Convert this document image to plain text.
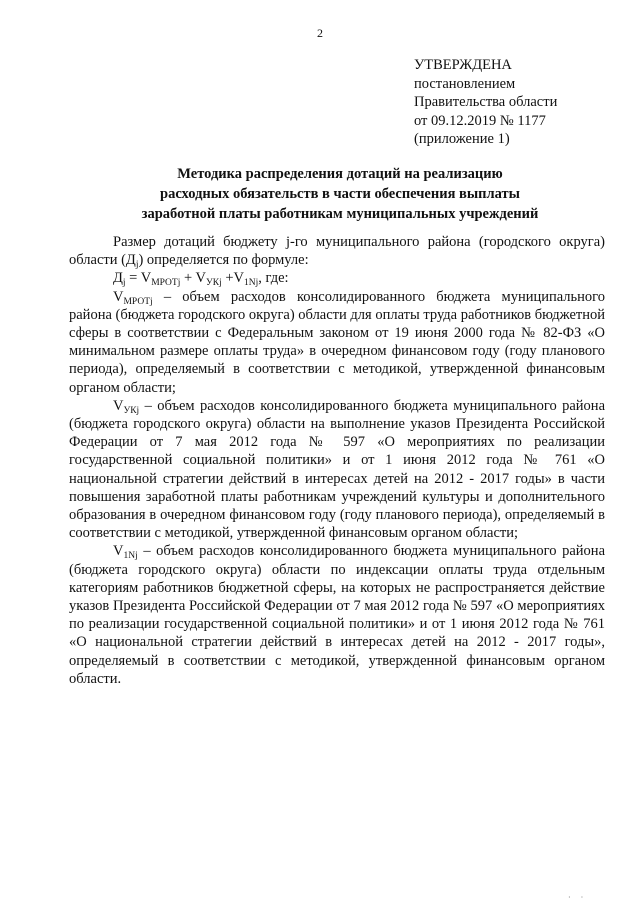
2
УТВЕРЖДЕНА
постановлением
Правительства области
от 09.12.2019 № 1177
(приложение 1)
Методика распределения дотаций на реализацию
расходных обязательств в части обеспечения выплаты
заработной платы работникам муниципальных учреждений

Размер дотаций бюджету j-го муниципального района (городского округа) области $(Д_j)$ определяется по формуле:

$Д_j = V_{МРОТj} + V_{УКj} +V_{1Nj}$, где:

$V_{МРОТj}$ – объем расходов консолидированного бюджета муниципального района (бюджета городского округа) области для оплаты труда работников бюджетной сферы в соответствии с Федеральным законом от 19 июня 2000 года № 82-ФЗ «О минимальном размере оплаты труда» в очередном финансовом году (году планового периода), определяемый в соответствии с методикой, утвержденной финансовым органом области;

$V_{УКj}$ – объем расходов консолидированного бюджета муниципального района (бюджета городского округа) области на выполнение указов Президента Российской Федерации от 7 мая 2012 года № 597 «О мероприятиях по реализации государственной социальной политики» и от 1 июня 2012 года № 761 «О национальной стратегии действий в интересах детей на 2012 - 2017 годы» в части повышения заработной платы работникам учреждений культуры и дополнительного образования в очередном финансовом году (году планового периода), определяемый в соответствии с методикой, утвержденной финансовым органом области;

$V_{1Nj}$ – объем расходов консолидированного бюджета муниципального района (бюджета городского округа) области по индексации оплаты труда отдельным категориям работников бюджетной сферы, на которых не распространяется действие указов Президента Российской Федерации от 7 мая 2012 года № 597 «О мероприятиях по реализации государственной социальной политики» и от 1 июня 2012 года № 761 «О национальной стратегии действий в интересах детей на 2012 - 2017 годы», определяемый в соответствии с методикой, утвержденной финансовым органом области.

· ·
